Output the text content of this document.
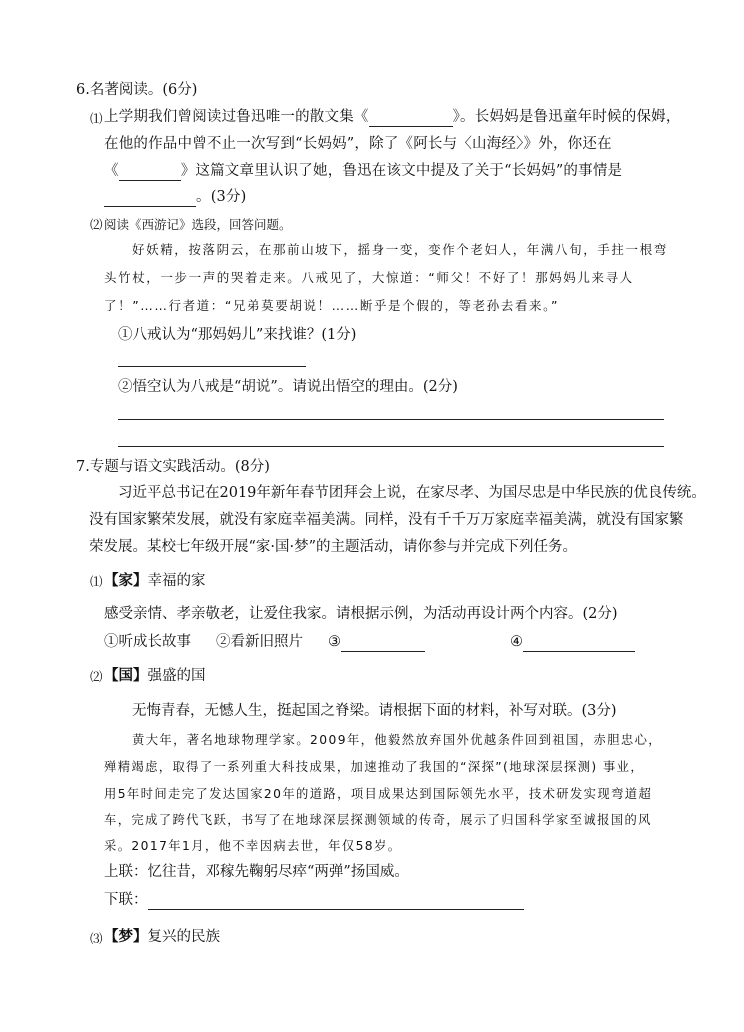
6.名著阅读。(6分)
⑴ 上学期我们曾阅读过鲁迅唯一的散文集《	》。长妈妈是鲁迅童年时候的保姆，
在他的作品中曾不止一次写到“长妈妈”，除了《阿长与〈山海经〉》外，你还在
《	》这篇文章里认识了她，鲁迅在该文中提及了关于“长妈妈”的事情是
。(3分)
⑵ 阅读《西游记》选段，回答问题。
好妖精，按落阴云，在那前山坡下，摇身一变，变作个老妇人，年满八旬，手拄一根弯
头竹杖，一步一声的哭着走来。八戒见了，大惊道：“师父！不好了！那妈妈儿来寻人
了！”……行者道：“兄弟莫要胡说！……断乎是个假的，等老孙去看来。”
①八戒认为“那妈妈儿”来找谁？(1分)
②悟空认为八戒是“胡说”。请说出悟空的理由。(2分)
7.专题与语文实践活动。(8分)
习近平总书记在2019年新年春节团拜会上说，在家尽孝、为国尽忠是中华民族的优良传统。
没有国家繁荣发展，就没有家庭幸福美满。同样，没有千千万万家庭幸福美满，就没有国家繁
荣发展。某校七年级开展“家·国·梦”的主题活动，请你参与并完成下列任务。
⑴ 【家】幸福的家
感受亲情、孝亲敬老，让爱住我家。请根据示例，为活动再设计两个内容。(2分)
①听成长故事 ②看新旧照片 ③	④
⑵ 【国】强盛的国
无悔青春，无憾人生，挺起国之脊梁。请根据下面的材料，补写对联。(3分)
黄大年，著名地球物理学家。2009年，他毅然放弃国外优越条件回到祖国，赤胆忠心，
殚精竭虑，取得了一系列重大科技成果，加速推动了我国的“深探”(地球深层探测) 事业，
用5年时间走完了发达国家20年的道路，项目成果达到国际领先水平，技术研发实现弯道超
车，完成了跨代飞跃，书写了在地球深层探测领域的传奇，展示了归国科学家至诚报国的风
采。2017年1月，他不幸因病去世，年仅58岁。
上联：忆往昔，邓稼先鞠躬尽瘁“两弹”扬国威。
下联：
⑶ 【梦】复兴的民族
